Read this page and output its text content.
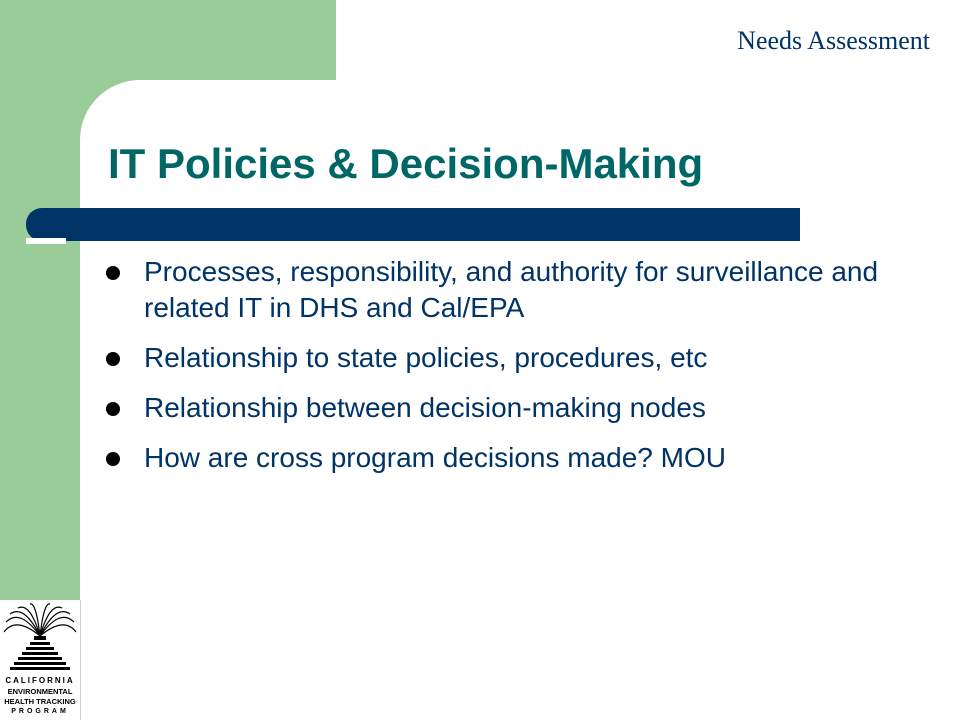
Needs Assessment
IT Policies & Decision-Making
Processes, responsibility, and authority for surveillance and related IT in DHS and Cal/EPA
Relationship to state policies, procedures, etc
Relationship between decision-making nodes
How are cross program decisions made? MOU
CALIFORNIA
ENVIRONMENTAL
HEALTH TRACKING
PROGRAM
